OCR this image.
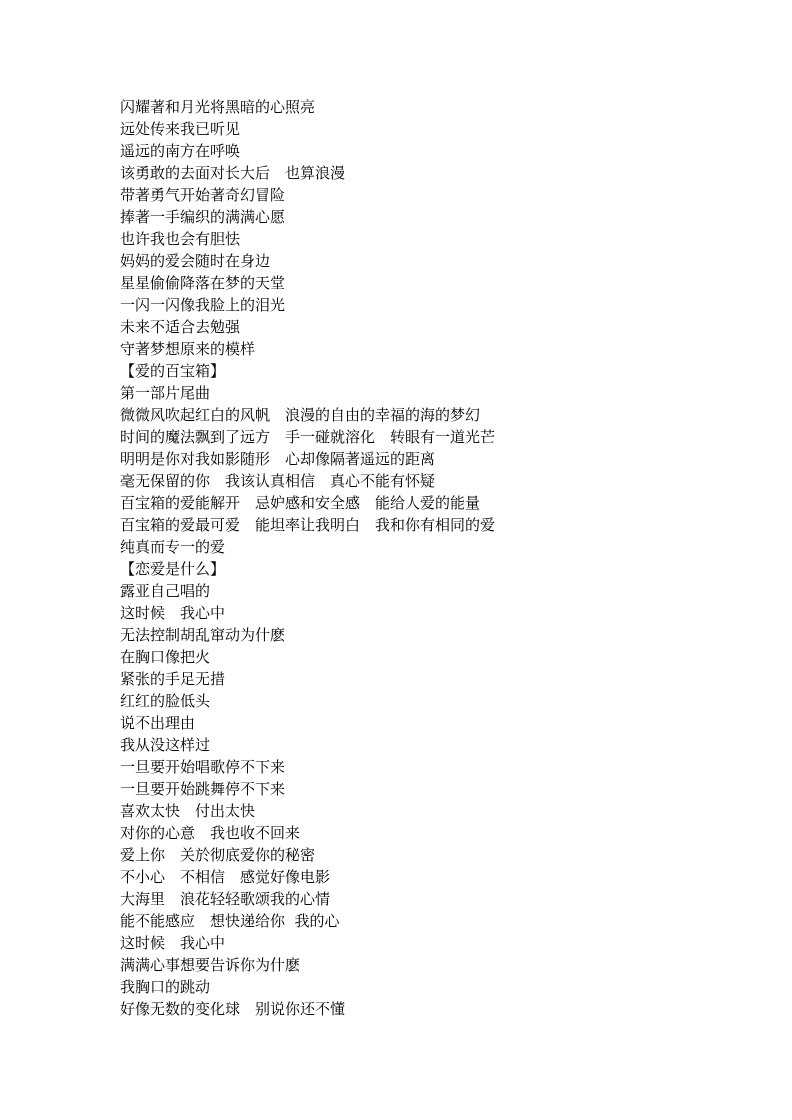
闪耀著和月光将黑暗的心照亮
远处传来我已听见
遥远的南方在呼唤
该勇敢的去面对长大后　也算浪漫
带著勇气开始著奇幻冒险
捧著一手编织的满满心愿
也许我也会有胆怯
妈妈的爱会随时在身边
星星偷偷降落在梦的天堂
一闪一闪像我脸上的泪光
未来不适合去勉强
守著梦想原来的模样
【爱的百宝箱】
第一部片尾曲
微微风吹起红白的风帆　浪漫的自由的幸福的海的梦幻
时间的魔法飘到了远方　手一碰就溶化　转眼有一道光芒
明明是你对我如影随形　心却像隔著遥远的距离
毫无保留的你　我该认真相信　真心不能有怀疑
百宝箱的爱能解开　忌妒感和安全感　能给人爱的能量
百宝箱的爱最可爱　能坦率让我明白　我和你有相同的爱
纯真而专一的爱
【恋爱是什么】
露亚自己唱的
这时候　我心中
无法控制胡乱窜动为什麽
在胸口像把火
紧张的手足无措
红红的脸低头
说不出理由
我从没这样过
一旦要开始唱歌停不下来
一旦要开始跳舞停不下来
喜欢太快　付出太快
对你的心意　我也收不回来
爱上你　关於彻底爱你的秘密
不小心　不相信　感觉好像电影
大海里　浪花轻轻歌颂我的心情
能不能感应　想快递给你  我的心
这时候　我心中
满满心事想要告诉你为什麽
我胸口的跳动
好像无数的变化球　别说你还不懂
